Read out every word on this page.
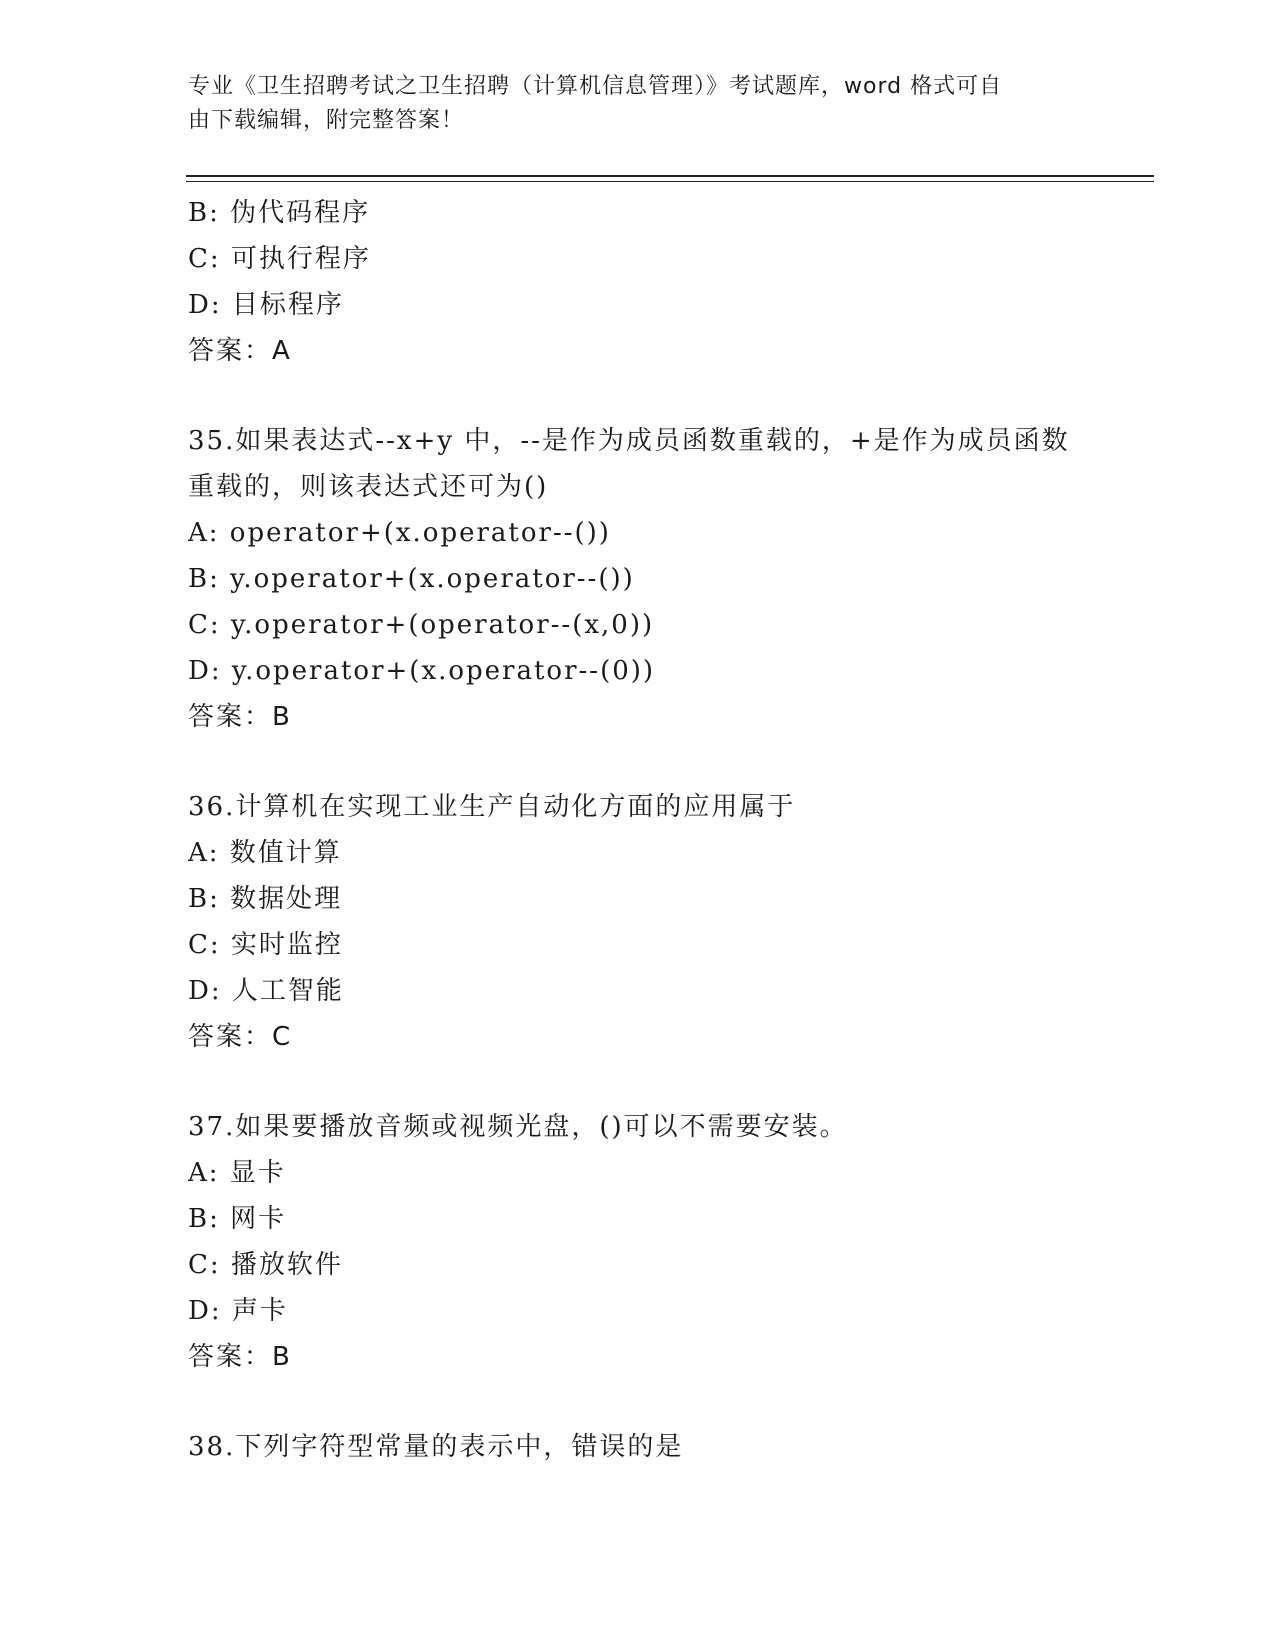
专业《卫生招聘考试之卫生招聘（计算机信息管理）》考试题库，word 格式可自
由下载编辑，附完整答案！
B: 伪代码程序
C: 可执行程序
D: 目标程序
答案：A
35.如果表达式--x+y 中，--是作为成员函数重载的，+是作为成员函数
重载的，则该表达式还可为()
A: operator+(x.operator--())
B: y.operator+(x.operator--())
C: y.operator+(operator--(x,0))
D: y.operator+(x.operator--(0))
答案：B
36.计算机在实现工业生产自动化方面的应用属于
A: 数值计算
B: 数据处理
C: 实时监控
D: 人工智能
答案：C
37.如果要播放音频或视频光盘，()可以不需要安装。
A: 显卡
B: 网卡
C: 播放软件
D: 声卡
答案：B
38.下列字符型常量的表示中，错误的是
